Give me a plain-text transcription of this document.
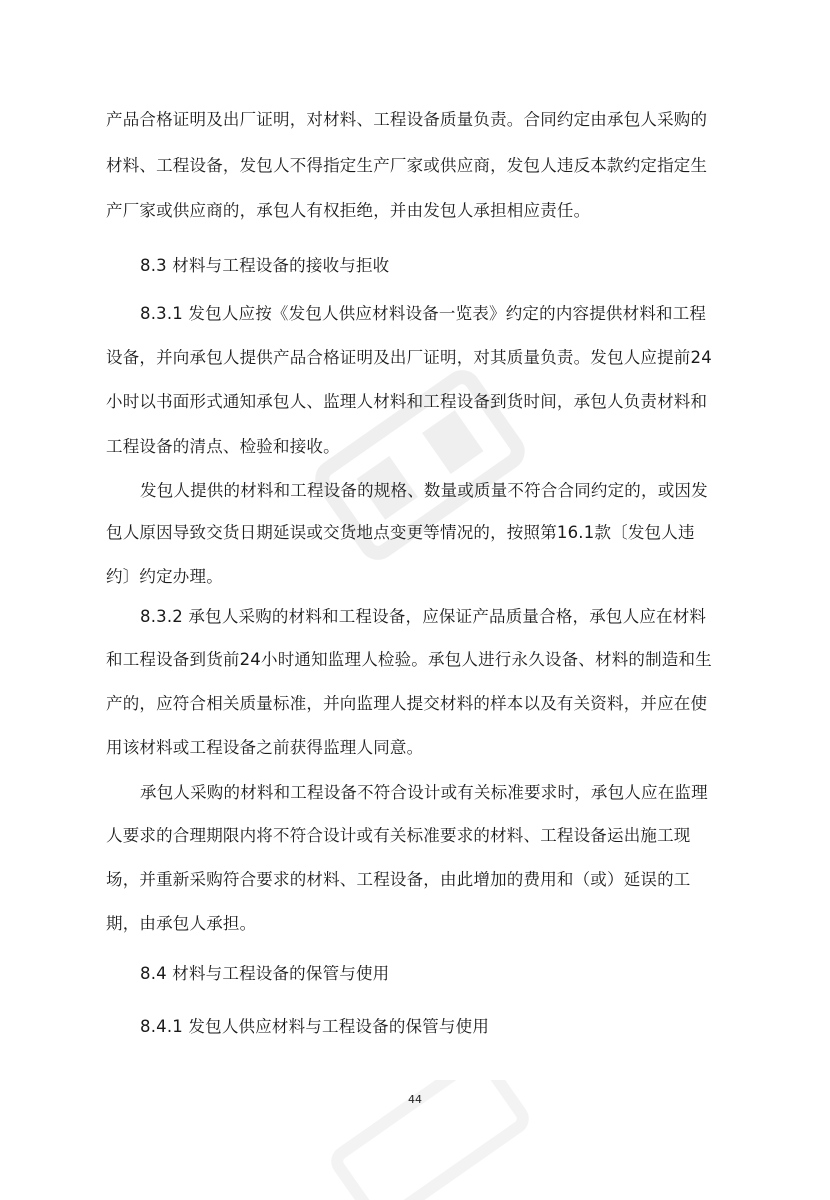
产品合格证明及出厂证明，对材料、工程设备质量负责。合同约定由承包人采购的
材料、工程设备，发包人不得指定生产厂家或供应商，发包人违反本款约定指定生
产厂家或供应商的，承包人有权拒绝，并由发包人承担相应责任。
8.3 材料与工程设备的接收与拒收
8.3.1 发包人应按《发包人供应材料设备一览表》约定的内容提供材料和工程
设备，并向承包人提供产品合格证明及出厂证明，对其质量负责。发包人应提前24
小时以书面形式通知承包人、监理人材料和工程设备到货时间，承包人负责材料和
工程设备的清点、检验和接收。
发包人提供的材料和工程设备的规格、数量或质量不符合合同约定的，或因发
包人原因导致交货日期延误或交货地点变更等情况的，按照第16.1款〔发包人违
约〕约定办理。
8.3.2 承包人采购的材料和工程设备，应保证产品质量合格，承包人应在材料
和工程设备到货前24小时通知监理人检验。承包人进行永久设备、材料的制造和生
产的，应符合相关质量标准，并向监理人提交材料的样本以及有关资料，并应在使
用该材料或工程设备之前获得监理人同意。
承包人采购的材料和工程设备不符合设计或有关标准要求时，承包人应在监理
人要求的合理期限内将不符合设计或有关标准要求的材料、工程设备运出施工现
场，并重新采购符合要求的材料、工程设备，由此增加的费用和（或）延误的工
期，由承包人承担。
8.4 材料与工程设备的保管与使用
8.4.1 发包人供应材料与工程设备的保管与使用
44
